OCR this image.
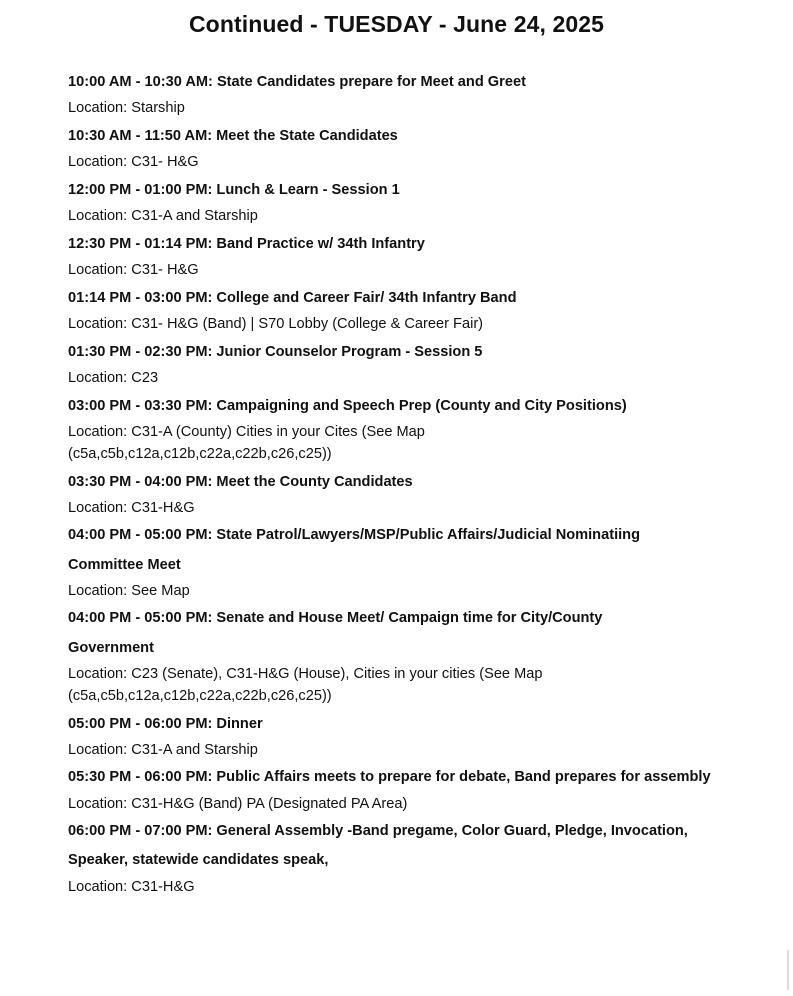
Continued - TUESDAY - June 24, 2025

10:00 AM - 10:30 AM: State Candidates prepare for Meet and Greet

Location: Starship

10:30 AM - 11:50 AM: Meet the State Candidates

Location: C31- H&G

12:00 PM - 01:00 PM: Lunch & Learn - Session 1

Location: C31-A and Starship

12:30 PM - 01:14 PM: Band Practice w/ 34th Infantry

Location: C31- H&G

01:14 PM - 03:00 PM: College and Career Fair/ 34th Infantry Band

Location: C31- H&G (Band) | S70 Lobby (College & Career Fair)

01:30 PM - 02:30 PM: Junior Counselor Program - Session 5

Location: C23

03:00 PM - 03:30 PM: Campaigning and Speech Prep (County and City Positions)

Location: C31-A (County) Cities in your Cites (See Map (c5a,c5b,c12a,c12b,c22a,c22b,c26,c25))

03:30 PM - 04:00 PM: Meet the County Candidates

Location: C31-H&G

04:00 PM - 05:00 PM: State Patrol/Lawyers/MSP/Public Affairs/Judicial Nominatiing Committee Meet

Location: See Map

04:00 PM - 05:00 PM: Senate and House Meet/ Campaign time for City/County Government

Location: C23 (Senate), C31-H&G (House), Cities in your cities (See Map (c5a,c5b,c12a,c12b,c22a,c22b,c26,c25))

05:00 PM - 06:00 PM: Dinner

Location: C31-A and Starship

05:30 PM - 06:00 PM: Public Affairs meets to prepare for debate, Band prepares for assembly

Location: C31-H&G (Band) PA (Designated PA Area)

06:00 PM - 07:00 PM: General Assembly -Band pregame, Color Guard, Pledge, Invocation, Speaker, statewide candidates speak,

Location: C31-H&G
